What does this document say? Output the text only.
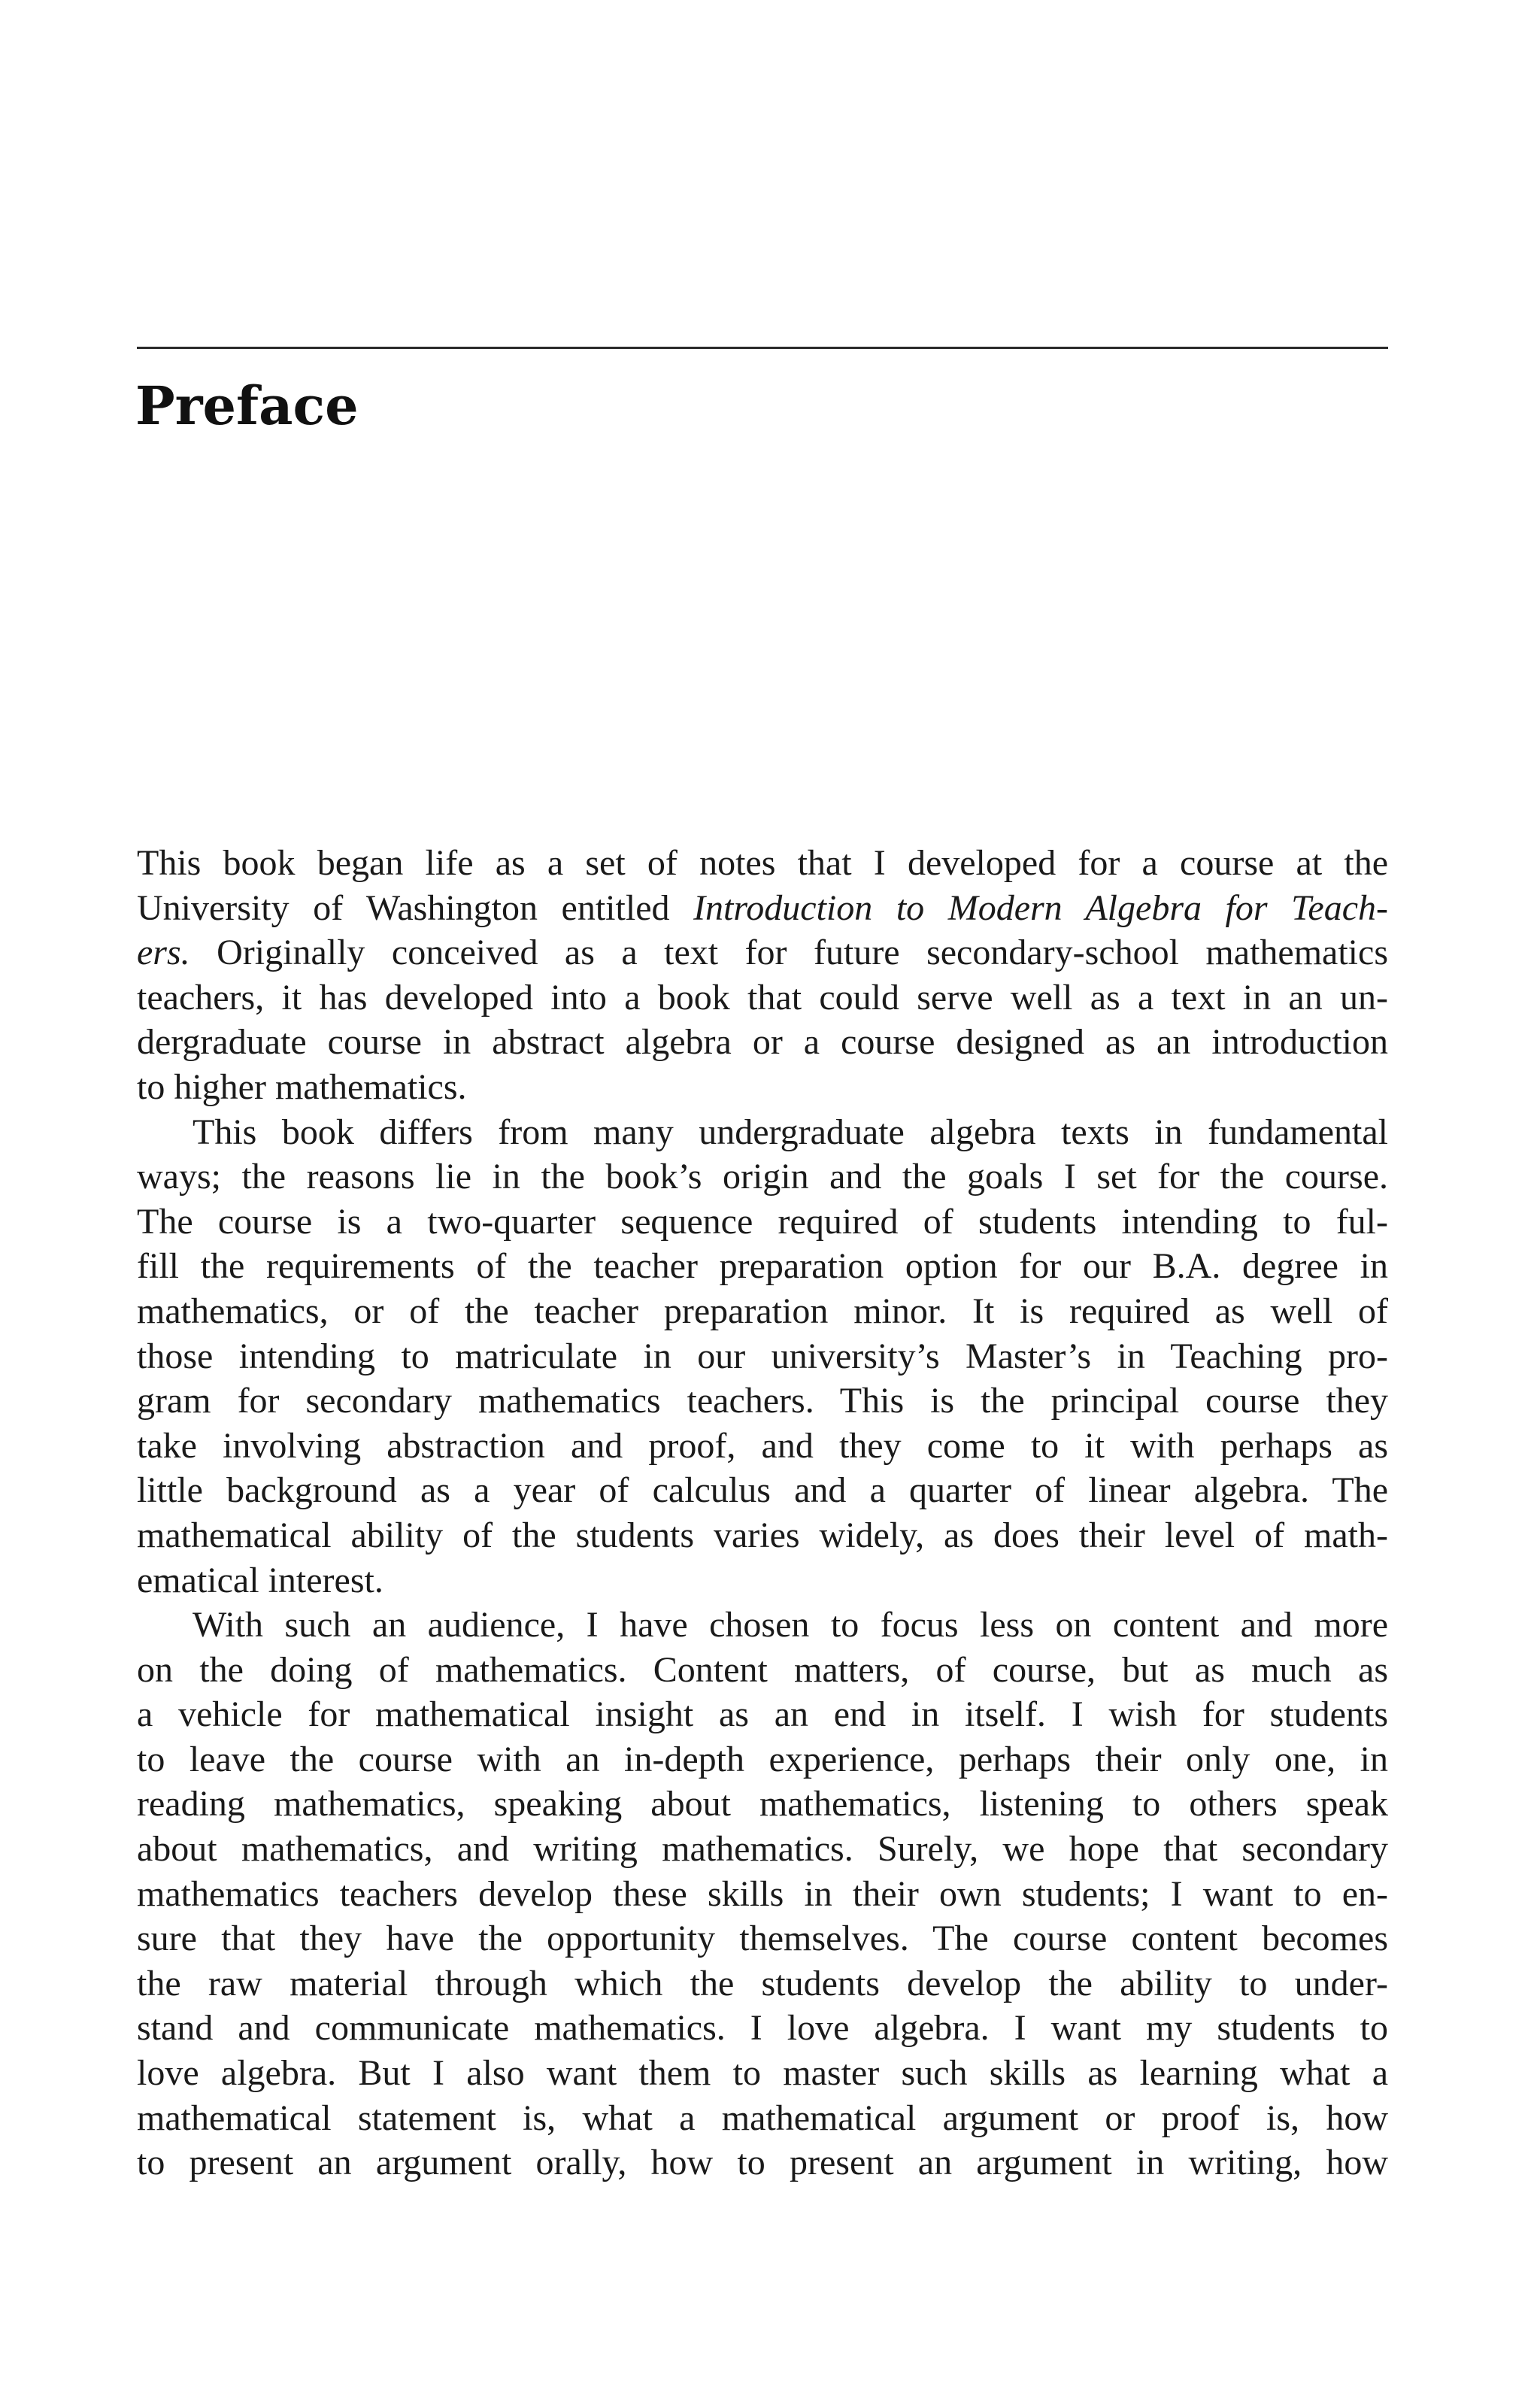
Preface
This book began life as a set of notes that I developed for a course at the
University of Washington entitled Introduction to Modern Algebra for Teach-
ers. Originally conceived as a text for future secondary-school mathematics
teachers, it has developed into a book that could serve well as a text in an un-
dergraduate course in abstract algebra or a course designed as an introduction
to higher mathematics.
This book differs from many undergraduate algebra texts in fundamental
ways; the reasons lie in the book’s origin and the goals I set for the course.
The course is a two-quarter sequence required of students intending to ful-
fill the requirements of the teacher preparation option for our B.A. degree in
mathematics, or of the teacher preparation minor. It is required as well of
those intending to matriculate in our university’s Master’s in Teaching pro-
gram for secondary mathematics teachers. This is the principal course they
take involving abstraction and proof, and they come to it with perhaps as
little background as a year of calculus and a quarter of linear algebra. The
mathematical ability of the students varies widely, as does their level of math-
ematical interest.
With such an audience, I have chosen to focus less on content and more
on the doing of mathematics. Content matters, of course, but as much as
a vehicle for mathematical insight as an end in itself. I wish for students
to leave the course with an in-depth experience, perhaps their only one, in
reading mathematics, speaking about mathematics, listening to others speak
about mathematics, and writing mathematics. Surely, we hope that secondary
mathematics teachers develop these skills in their own students; I want to en-
sure that they have the opportunity themselves. The course content becomes
the raw material through which the students develop the ability to under-
stand and communicate mathematics. I love algebra. I want my students to
love algebra. But I also want them to master such skills as learning what a
mathematical statement is, what a mathematical argument or proof is, how
to present an argument orally, how to present an argument in writing, how
